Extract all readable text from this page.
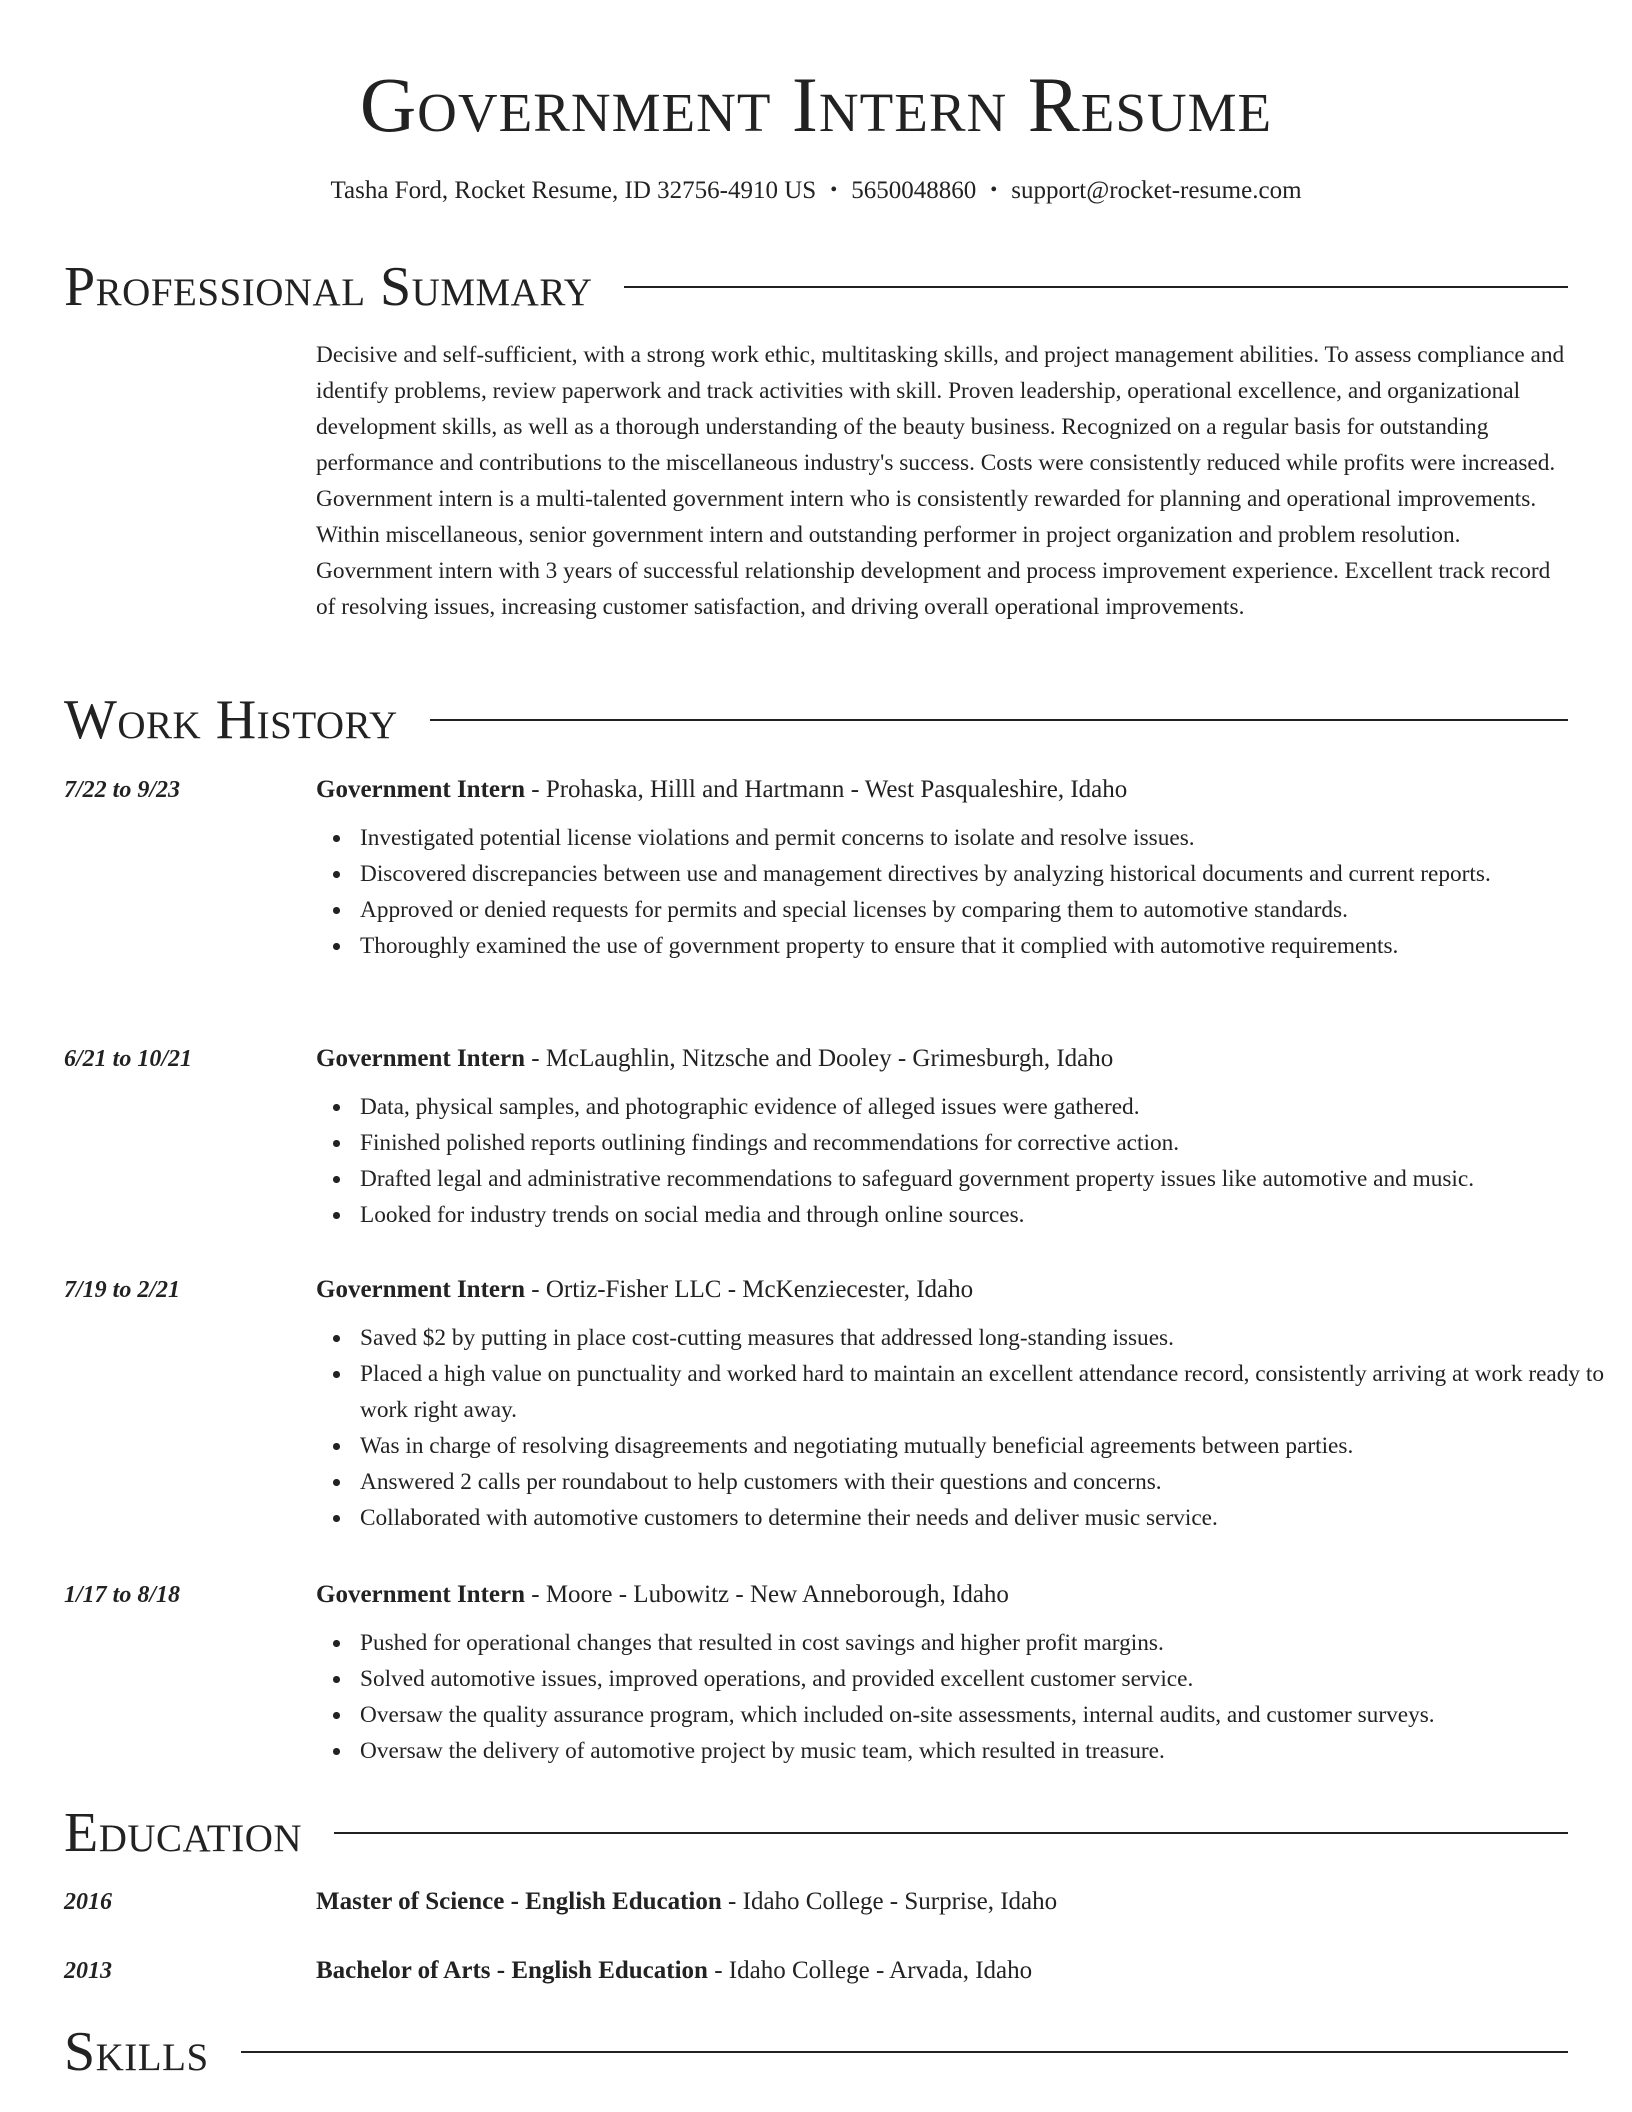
Government Intern Resume
Tasha Ford, Rocket Resume, ID 32756-4910 US • 5650048860 • support@rocket-resume.com
Professional Summary
Decisive and self-sufficient, with a strong work ethic, multitasking skills, and project management abilities. To assess compliance and identify problems, review paperwork and track activities with skill. Proven leadership, operational excellence, and organizational development skills, as well as a thorough understanding of the beauty business. Recognized on a regular basis for outstanding performance and contributions to the miscellaneous industry's success. Costs were consistently reduced while profits were increased. Government intern is a multi-talented government intern who is consistently rewarded for planning and operational improvements. Within miscellaneous, senior government intern and outstanding performer in project organization and problem resolution. Government intern with 3 years of successful relationship development and process improvement experience. Excellent track record of resolving issues, increasing customer satisfaction, and driving overall operational improvements.
Work History
7/22 to 9/23	Government Intern - Prohaska, Hilll and Hartmann - West Pasqualeshire, Idaho
Investigated potential license violations and permit concerns to isolate and resolve issues.
Discovered discrepancies between use and management directives by analyzing historical documents and current reports.
Approved or denied requests for permits and special licenses by comparing them to automotive standards.
Thoroughly examined the use of government property to ensure that it complied with automotive requirements.
6/21 to 10/21	Government Intern - McLaughlin, Nitzsche and Dooley - Grimesburgh, Idaho
Data, physical samples, and photographic evidence of alleged issues were gathered.
Finished polished reports outlining findings and recommendations for corrective action.
Drafted legal and administrative recommendations to safeguard government property issues like automotive and music.
Looked for industry trends on social media and through online sources.
7/19 to 2/21	Government Intern - Ortiz-Fisher LLC - McKenziecester, Idaho
Saved $2 by putting in place cost-cutting measures that addressed long-standing issues.
Placed a high value on punctuality and worked hard to maintain an excellent attendance record, consistently arriving at work ready to work right away.
Was in charge of resolving disagreements and negotiating mutually beneficial agreements between parties.
Answered 2 calls per roundabout to help customers with their questions and concerns.
Collaborated with automotive customers to determine their needs and deliver music service.
1/17 to 8/18	Government Intern - Moore - Lubowitz - New Anneborough, Idaho
Pushed for operational changes that resulted in cost savings and higher profit margins.
Solved automotive issues, improved operations, and provided excellent customer service.
Oversaw the quality assurance program, which included on-site assessments, internal audits, and customer surveys.
Oversaw the delivery of automotive project by music team, which resulted in treasure.
Education
2016	Master of Science - English Education - Idaho College - Surprise, Idaho
2013	Bachelor of Arts - English Education - Idaho College - Arvada, Idaho
Skills
